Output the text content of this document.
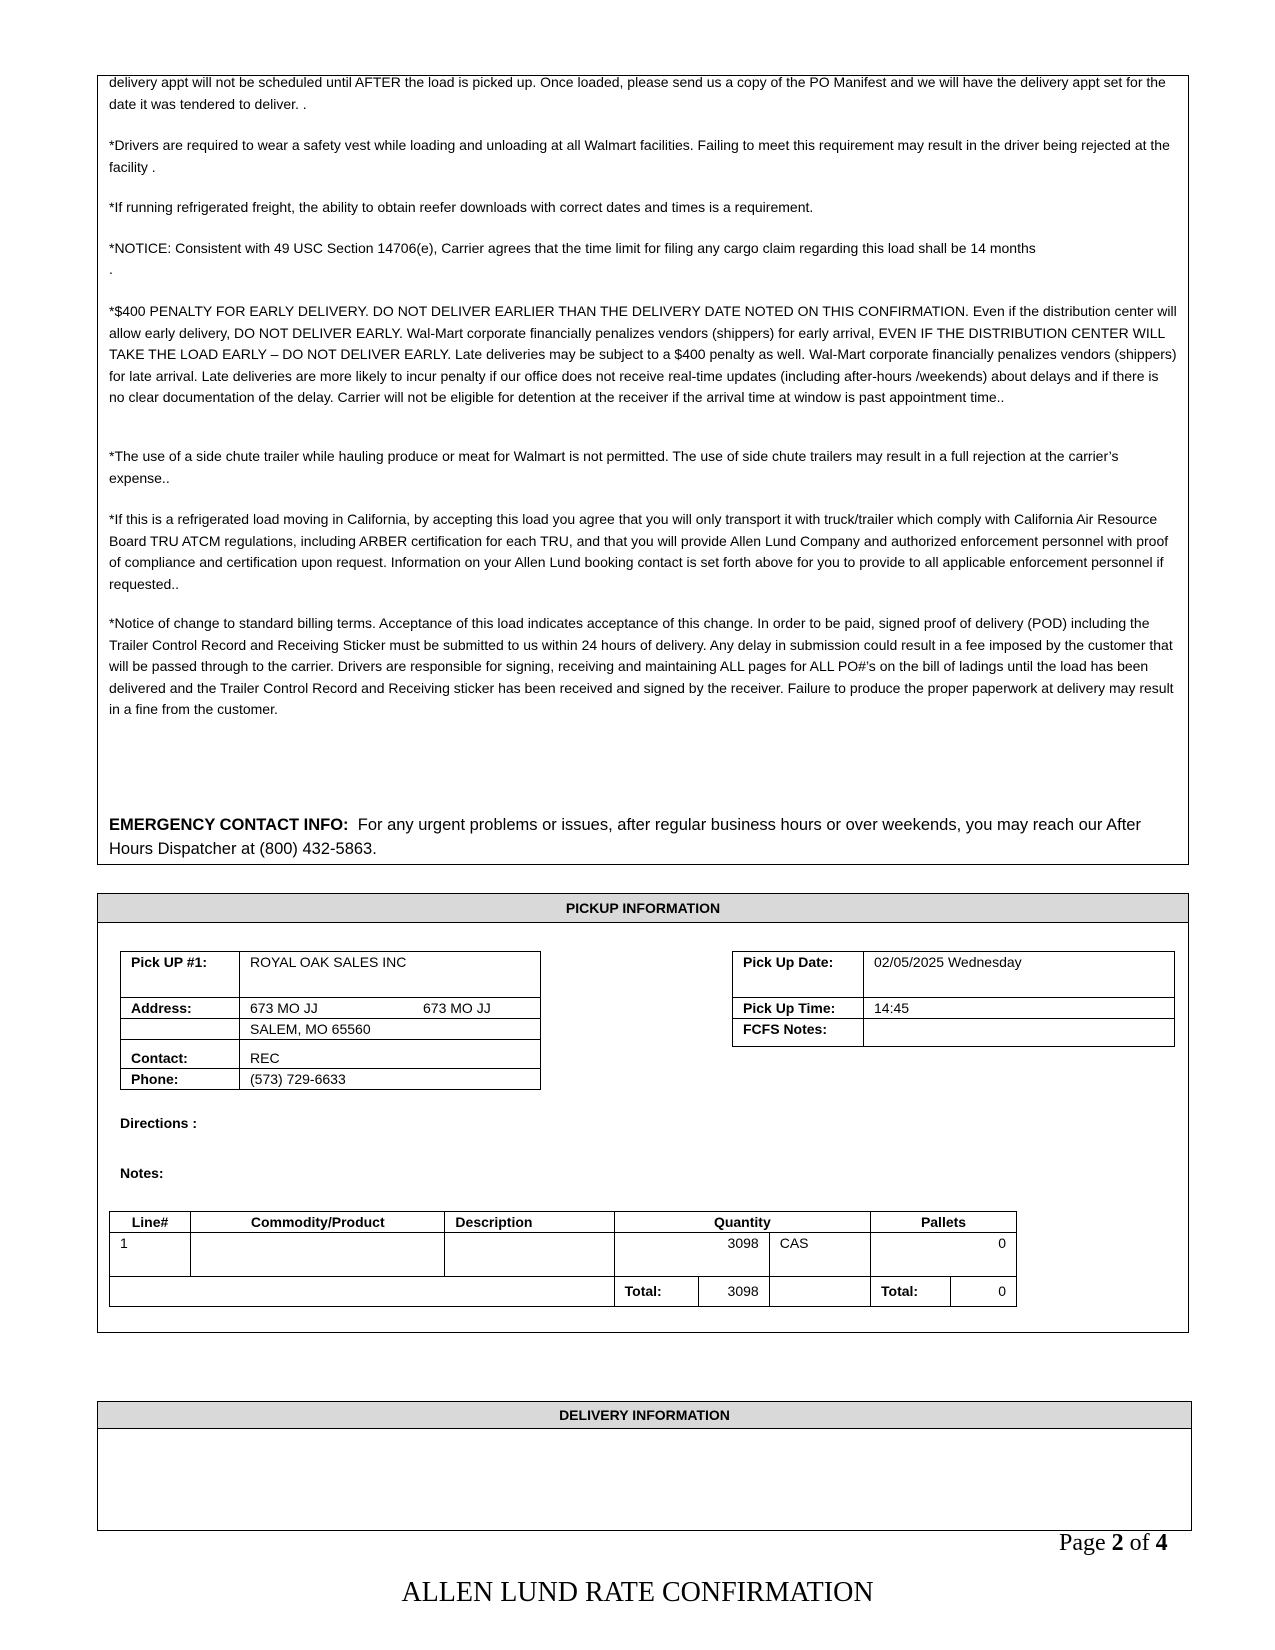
delivery appt will not be scheduled until AFTER the load is picked up. Once loaded, please send us a copy of the PO Manifest and we will have the delivery appt set for the date it was tendered to deliver. .

*Drivers are required to wear a safety vest while loading and unloading at all Walmart facilities. Failing to meet this requirement may result in the driver being rejected at the facility .

*If running refrigerated freight, the ability to obtain reefer downloads with correct dates and times is a requirement.

*NOTICE: Consistent with 49 USC Section 14706(e), Carrier agrees that the time limit for filing any cargo claim regarding this load shall be 14 months

.

*$400 PENALTY FOR EARLY DELIVERY. DO NOT DELIVER EARLIER THAN THE DELIVERY DATE NOTED ON THIS CONFIRMATION. Even if the distribution center will allow early delivery, DO NOT DELIVER EARLY. Wal-Mart corporate financially penalizes vendors (shippers) for early arrival, EVEN IF THE DISTRIBUTION CENTER WILL TAKE THE LOAD EARLY – DO NOT DELIVER EARLY. Late deliveries may be subject to a $400 penalty as well. Wal-Mart corporate financially penalizes vendors (shippers) for late arrival. Late deliveries are more likely to incur penalty if our office does not receive real-time updates (including after-hours /weekends) about delays and if there is no clear documentation of the delay. Carrier will not be eligible for detention at the receiver if the arrival time at window is past appointment time..

*The use of a side chute trailer while hauling produce or meat for Walmart is not permitted. The use of side chute trailers may result in a full rejection at the carrier’s expense..

*If this is a refrigerated load moving in California, by accepting this load you agree that you will only transport it with truck/trailer which comply with California Air Resource Board TRU ATCM regulations, including ARBER certification for each TRU, and that you will provide Allen Lund Company and authorized enforcement personnel with proof of compliance and certification upon request. Information on your Allen Lund booking contact is set forth above for you to provide to all applicable enforcement personnel if requested..

*Notice of change to standard billing terms. Acceptance of this load indicates acceptance of this change. In order to be paid, signed proof of delivery (POD) including the Trailer Control Record and Receiving Sticker must be submitted to us within 24 hours of delivery. Any delay in submission could result in a fee imposed by the customer that will be passed through to the carrier. Drivers are responsible for signing, receiving and maintaining ALL pages for ALL PO#’s on the bill of ladings until the load has been delivered and the Trailer Control Record and Receiving sticker has been received and signed by the receiver. Failure to produce the proper paperwork at delivery may result in a fine from the customer.

EMERGENCY CONTACT INFO: For any urgent problems or issues, after regular business hours or over weekends, you may reach our After Hours Dispatcher at (800) 432-5863.
PICKUP INFORMATION
Pick UP #1:	ROYAL OAK SALES INC
Address:	673 MO JJ 673 MO JJ
	SALEM, MO 65560

Contact:	REC
Phone:	(573) 729-6633
Pick Up Date:	02/05/2025 Wednesday
Pick Up Time:	14:45
FCFS Notes:	
Directions :
Notes:
Line#	Commodity/Product	Description	Quantity			Pallets	
1			3098		CAS	0	
			Total:	3098		Total:	0
DELIVERY INFORMATION
Page 2 of 4
ALLEN LUND RATE CONFIRMATION
